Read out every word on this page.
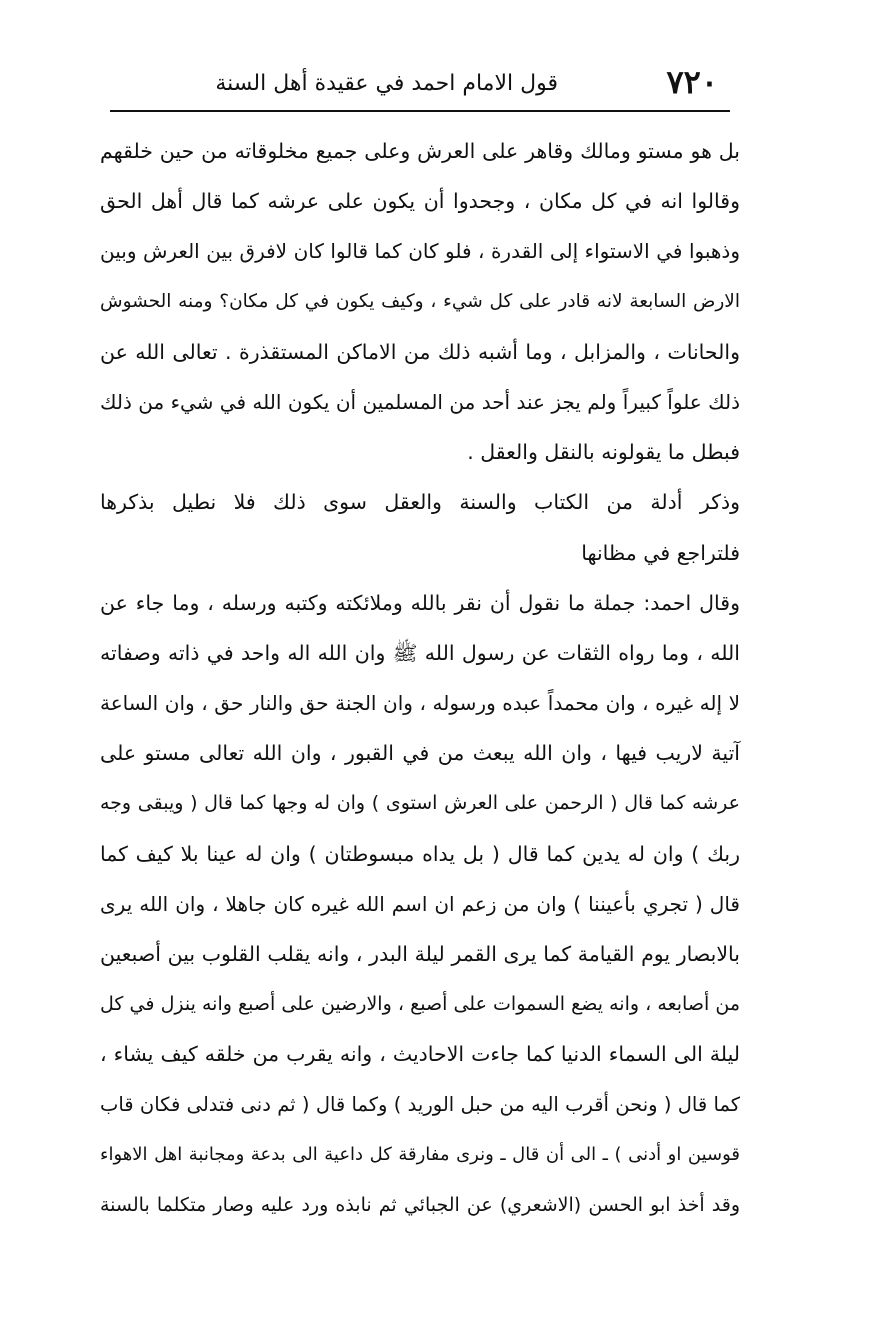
٧٢٠
قول الامام احمد في عقيدة أهل السنة
بل هو مستو ومالك وقاهر على العرش وعلى جميع مخلوقاته من حين خلقهم
وقالوا انه في كل مكان ، وجحدوا أن يكون على عرشه كما قال أهل الحق
وذهبوا في الاستواء إلى القدرة ، فلو كان كما قالوا كان لافرق بين العرش وبين
الارض السابعة لانه قادر على كل شيء ، وكيف يكون في كل مكان؟ ومنه الحشوش
والحانات ، والمزابل ، وما أشبه ذلك من الاماكن المستقذرة . تعالى الله عن
ذلك علواً كبيراً ولم يجز عند أحد من المسلمين أن يكون الله في شيء من ذلك
فبطل ما يقولونه بالنقل والعقل .
وذكر أدلة من الكتاب والسنة والعقل سوى ذلك فلا نطيل بذكرها
فلتراجع في مظانها
وقال احمد: جملة ما نقول أن نقر بالله وملائكته وكتبه ورسله ، وما جاء عن
الله ، وما رواه الثقات عن رسول الله ﷺ وان الله اله واحد في ذاته وصفاته
لا إله غيره ، وان محمداً عبده ورسوله ، وان الجنة حق والنار حق ، وان الساعة
آتية لاريب فيها ، وان الله يبعث من في القبور ، وان الله تعالى مستو على
عرشه كما قال ( الرحمن على العرش استوى ) وان له وجها كما قال ( ويبقى وجه
ربك ) وان له يدين كما قال ( بل يداه مبسوطتان ) وان له عينا بلا كيف كما
قال ( تجري بأعيننا ) وان من زعم ان اسم الله غيره كان جاهلا ، وان الله يرى
بالابصار يوم القيامة كما يرى القمر ليلة البدر ، وانه يقلب القلوب بين أصبعين
من أصابعه ، وانه يضع السموات على أصبع ، والارضين على أصبع وانه ينزل في كل
ليلة الى السماء الدنيا كما جاءت الاحاديث ، وانه يقرب من خلقه كيف يشاء ،
كما قال ( ونحن أقرب اليه من حبل الوريد ) وكما قال ( ثم دنى فتدلى فكان قاب
قوسين او أدنى ) ـ الى أن قال ـ ونرى مفارقة كل داعية الى بدعة ومجانبة اهل الاهواء
وقد أخذ ابو الحسن (الاشعري) عن الجبائي ثم نابذه ورد عليه وصار متكلما بالسنة
